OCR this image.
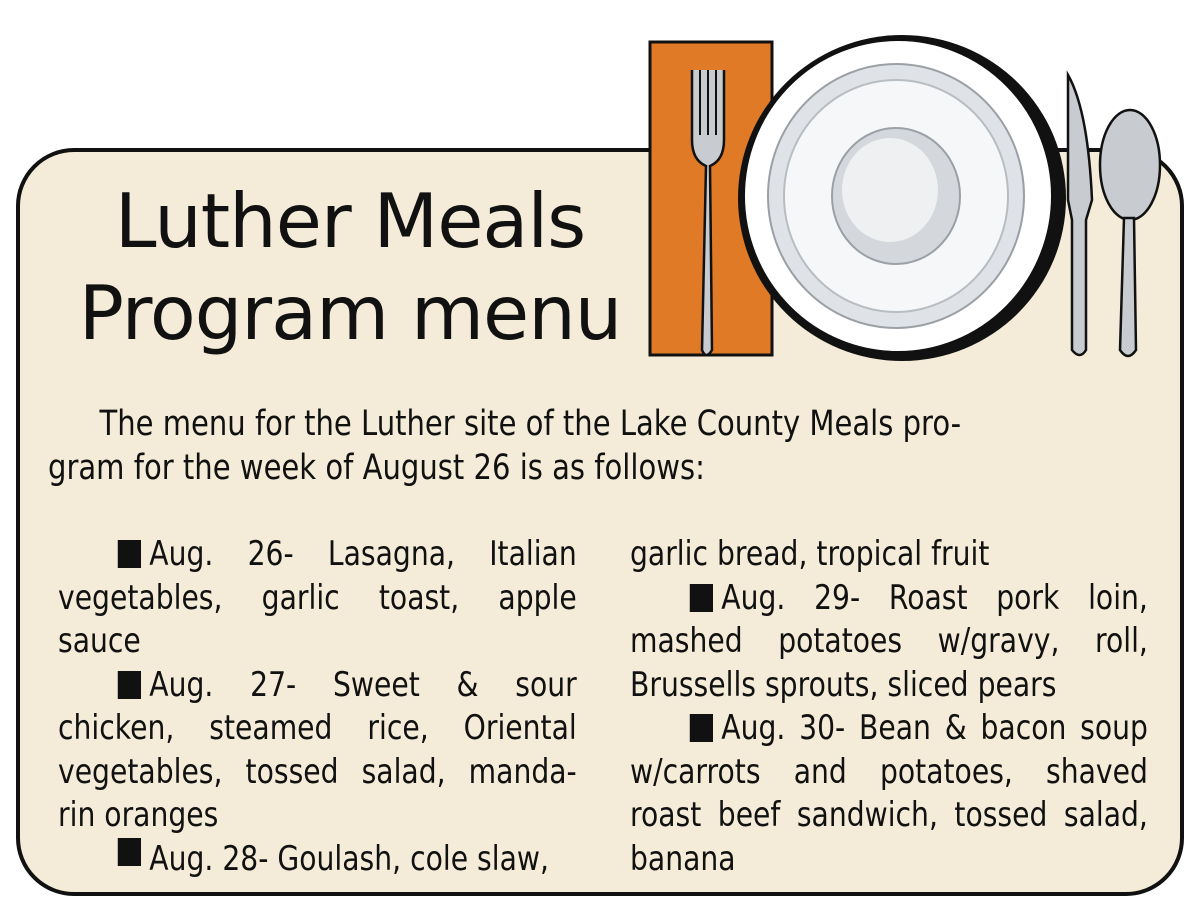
Luther Meals
Program menu
The menu for the Luther site of the Lake County Meals pro-
gram for the week of August 26 is as follows:
Aug. 26- Lasagna, Italian
vegetables, garlic toast, apple
sauce
Aug. 27- Sweet & sour
chicken, steamed rice, Oriental
vegetables, tossed salad, manda-
rin oranges
Aug. 28- Goulash, cole slaw,
garlic bread, tropical fruit
Aug. 29- Roast pork loin,
mashed potatoes w/gravy, roll,
Brussells sprouts, sliced pears
Aug. 30- Bean & bacon soup
w/carrots and potatoes, shaved
roast beef sandwich, tossed salad,
banana
